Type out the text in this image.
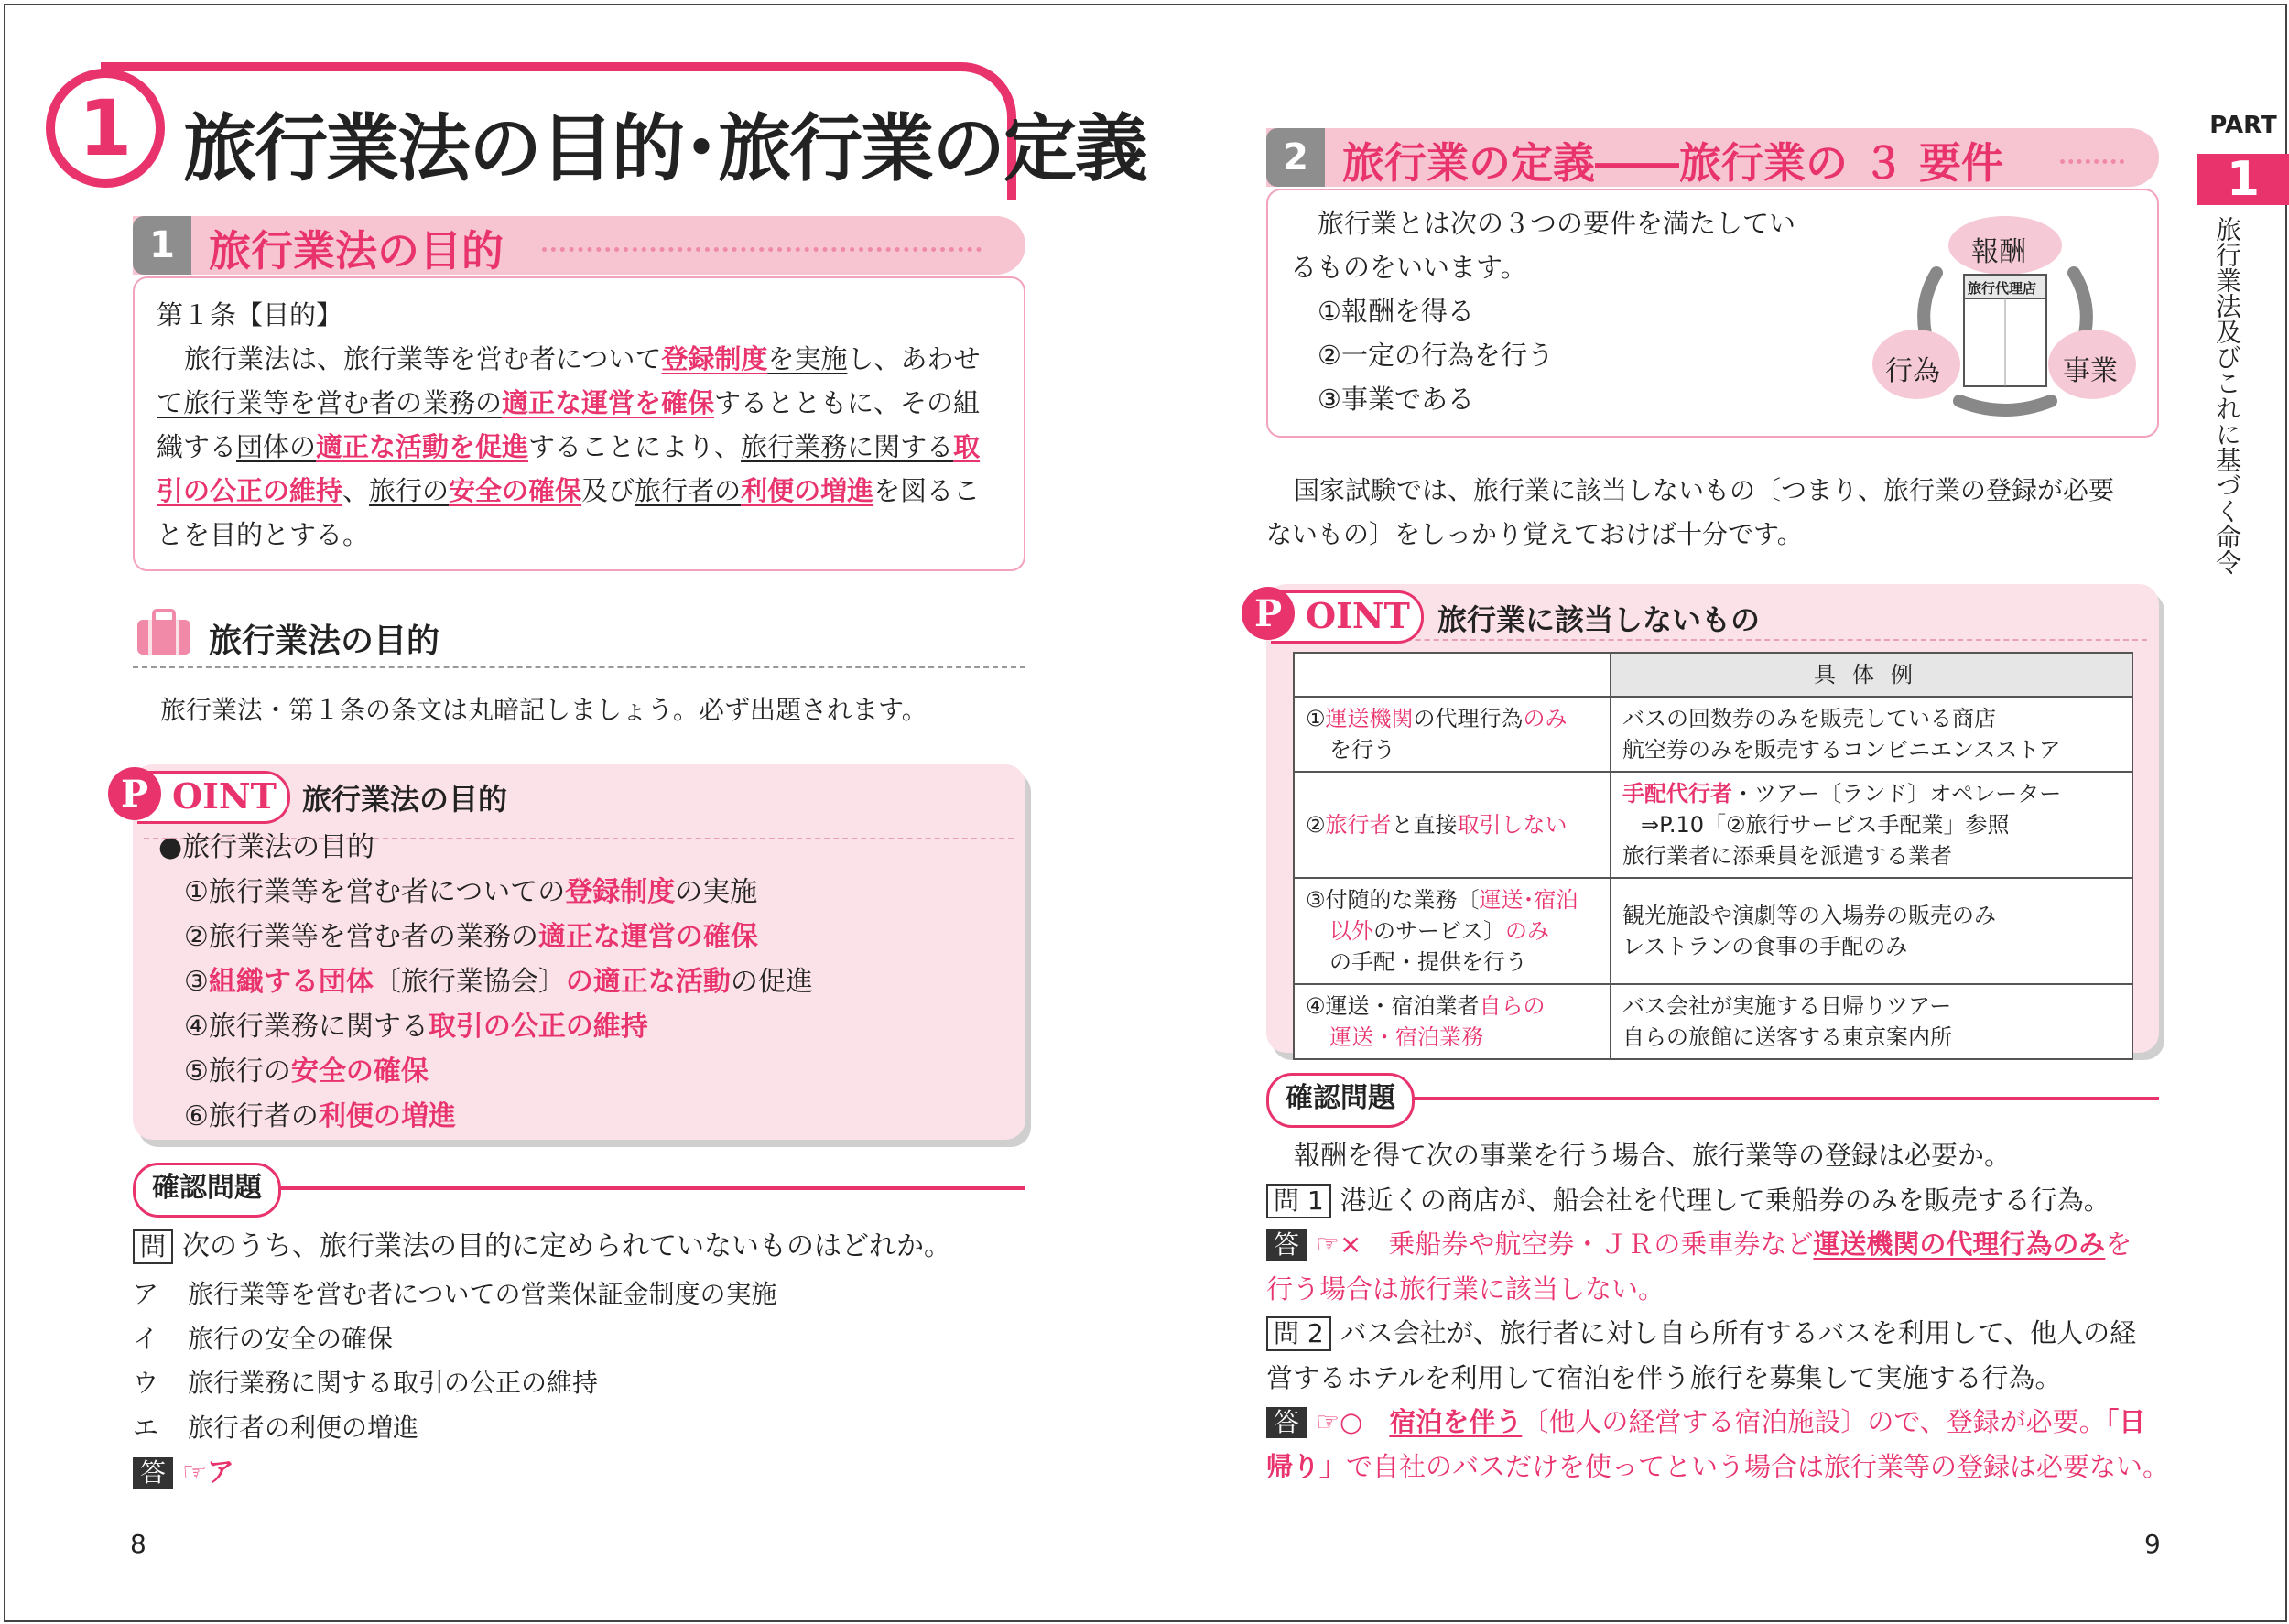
1 旅行業法の目的･旅行業の定義
1 旅行業法の目的
第１条【目的】
旅行業法は、旅行業等を営む者について登録制度を実施し、あわせ
て旅行業等を営む者の業務の適正な運営を確保するとともに、その組
織する団体の適正な活動を促進することにより、旅行業務に関する取
引の公正の維持、旅行の安全の確保及び旅行者の利便の増進を図るこ
とを目的とする。
旅行業法の目的
旅行業法・第１条の条文は丸暗記しましょう。必ず出題されます。
●旅行業法の目的
①旅行業等を営む者についての登録制度の実施
②旅行業等を営む者の業務の適正な運営の確保
③組織する団体〔旅行業協会〕の適正な活動の促進
④旅行業務に関する取引の公正の維持
⑤旅行の安全の確保
⑥旅行者の利便の増進
OINT
P	旅行業法の目的
確認問題
問 次のうち、旅行業法の目的に定められていないものはどれか。
ア 旅行業等を営む者についての営業保証金制度の実施
イ 旅行の安全の確保
ウ 旅行業務に関する取引の公正の維持
エ 旅行者の利便の増進
答 ☞ア
8
2 旅行業の定義――旅行業の ３ 要件
旅行業とは次の３つの要件を満たしてい
るものをいいます。
①報酬を得る
②一定の行為を行う
③事業である
報酬
旅行代理店
行為	事業
国家試験では、旅行業に該当しないもの〔つまり、旅行業の登録が必要
ないもの〕をしっかり覚えておけば十分です。
OINT
P	旅行業に該当しないもの
	具体例
①運送機関の代理行為のみ
を行う	バスの回数券のみを販売している商店
航空券のみを販売するコンビニエンスストア
②旅行者と直接取引しない	手配代行者・ツアー〔ランド〕オペレーター
⇒P.10「②旅行サービス手配業」参照
旅行業者に添乗員を派遣する業者
③付随的な業務〔運送･宿泊
以外のサービス〕のみ
の手配・提供を行う	観光施設や演劇等の入場券の販売のみ
レストランの食事の手配のみ
④運送・宿泊業者自らの
運送・宿泊業務	バス会社が実施する日帰りツアー
自らの旅館に送客する東京案内所
確認問題
報酬を得て次の事業を行う場合、旅行業等の登録は必要か。
問 1 港近くの商店が、船会社を代理して乗船券のみを販売する行為。
答 ☞×　乗船券や航空券・ＪＲの乗車券など運送機関の代理行為のみを
行う場合は旅行業に該当しない。
問 2 バス会社が、旅行者に対し自ら所有するバスを利用して、他人の経
営するホテルを利用して宿泊を伴う旅行を募集して実施する行為。
答 ☞○　宿泊を伴う〔他人の経営する宿泊施設〕ので、登録が必要。「日
帰り」で自社のバスだけを使ってという場合は旅行業等の登録は必要ない。
9
PART
1
旅行業法及びこれに基づく命令
